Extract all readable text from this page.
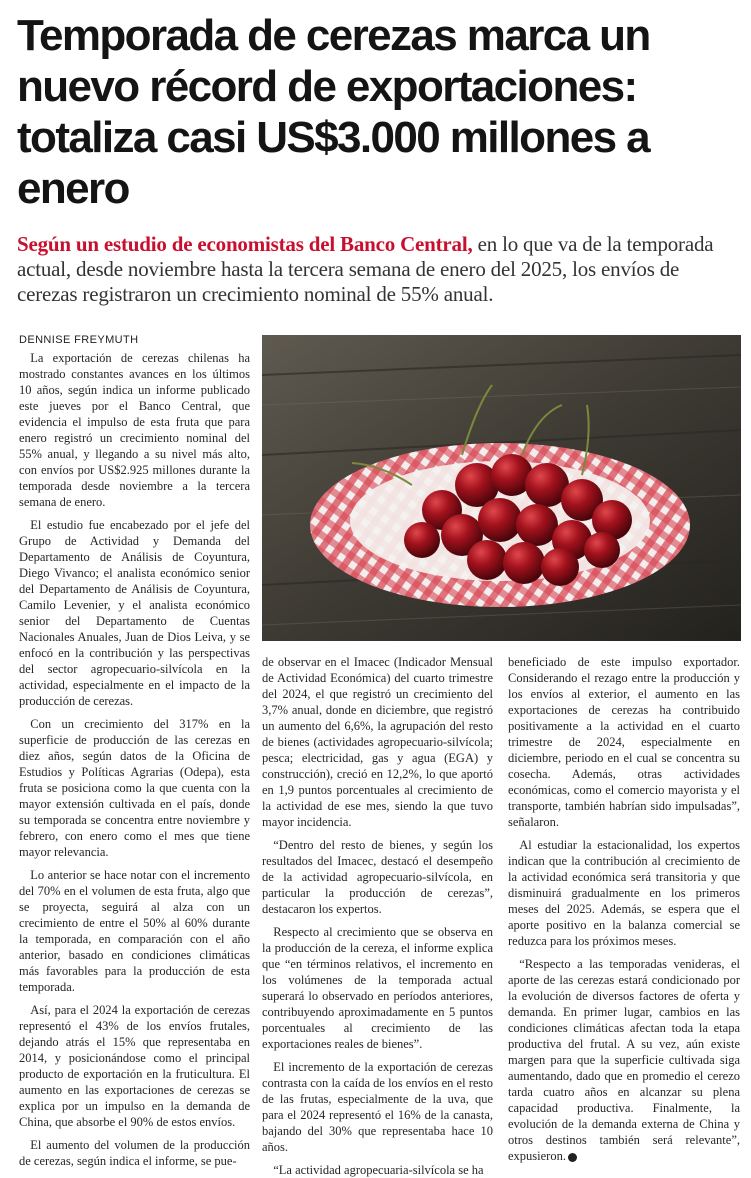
Temporada de cerezas marca un nuevo récord de exportaciones: totaliza casi US$3.000 millones a enero

Según un estudio de economistas del Banco Central, en lo que va de la temporada actual, desde noviembre hasta la tercera semana de enero del 2025, los envíos de cerezas registraron un crecimiento nominal de 55% anual.

DENNISE FREYMUTH

La exportación de cerezas chilenas ha mostrado constantes avances en los últimos 10 años, según indica un informe publicado este jueves por el Banco Central, que evidencia el impulso de esta fruta que para enero registró un crecimiento nominal del 55% anual, y llegando a su nivel más alto, con envíos por US$2.925 millones durante la temporada desde noviembre a la tercera semana de enero.

El estudio fue encabezado por el jefe del Grupo de Actividad y Demanda del Departamento de Análisis de Coyuntura, Diego Vivanco; el analista económico senior del Departamento de Análisis de Coyuntura, Camilo Levenier, y el analista económico senior del Departamento de Cuentas Nacionales Anuales, Juan de Dios Leiva, y se enfocó en la contribución y las perspectivas del sector agropecuario-silvícola en la actividad, especialmente en el impacto de la producción de cerezas.

Con un crecimiento del 317% en la superficie de producción de las cerezas en diez años, según datos de la Oficina de Estudios y Políticas Agrarias (Odepa), esta fruta se posiciona como la que cuenta con la mayor extensión cultivada en el país, donde su temporada se concentra entre noviembre y febrero, con enero como el mes que tiene mayor relevancia.

Lo anterior se hace notar con el incremento del 70% en el volumen de esta fruta, algo que se proyecta, seguirá al alza con un crecimiento de entre el 50% al 60% durante la temporada, en comparación con el año anterior, basado en condiciones climáticas más favorables para la producción de esta temporada.

Así, para el 2024 la exportación de cerezas representó el 43% de los envíos frutales, dejando atrás el 15% que representaba en 2014, y posicionándose como el principal producto de exportación en la fruticultura. El aumento en las exportaciones de cerezas se explica por un impulso en la demanda de China, que absorbe el 90% de estos envíos.

El aumento del volumen de la producción de cerezas, según indica el informe, se pue-

de observar en el Imacec (Indicador Mensual de Actividad Económica) del cuarto trimestre del 2024, el que registró un crecimiento del 3,7% anual, donde en diciembre, que registró un aumento del 6,6%, la agrupación del resto de bienes (actividades agropecuario-silvícola; pesca; electricidad, gas y agua (EGA) y construcción), creció en 12,2%, lo que aportó en 1,9 puntos porcentuales al crecimiento de la actividad de ese mes, siendo la que tuvo mayor incidencia.

“Dentro del resto de bienes, y según los resultados del Imacec, destacó el desempeño de la actividad agropecuario-silvícola, en particular la producción de cerezas”, destacaron los expertos.

Respecto al crecimiento que se observa en la producción de la cereza, el informe explica que “en términos relativos, el incremento en los volúmenes de la temporada actual superará lo observado en períodos anteriores, contribuyendo aproximadamente en 5 puntos porcentuales al crecimiento de las exportaciones reales de bienes”.

El incremento de la exportación de cerezas contrasta con la caída de los envíos en el resto de las frutas, especialmente de la uva, que para el 2024 representó el 16% de la canasta, bajando del 30% que representaba hace 10 años.

“La actividad agropecuaria-silvícola se ha

beneficiado de este impulso exportador. Considerando el rezago entre la producción y los envíos al exterior, el aumento en las exportaciones de cerezas ha contribuido positivamente a la actividad en el cuarto trimestre de 2024, especialmente en diciembre, periodo en el cual se concentra su cosecha. Además, otras actividades económicas, como el comercio mayorista y el transporte, también habrían sido impulsadas”, señalaron.

Al estudiar la estacionalidad, los expertos indican que la contribución al crecimiento de la actividad económica será transitoria y que disminuirá gradualmente en los primeros meses del 2025. Además, se espera que el aporte positivo en la balanza comercial se reduzca para los próximos meses.

“Respecto a las temporadas venideras, el aporte de las cerezas estará condicionado por la evolución de diversos factores de oferta y demanda. En primer lugar, cambios en las condiciones climáticas afectan toda la etapa productiva del frutal. A su vez, aún existe margen para que la superficie cultivada siga aumentando, dado que en promedio el cerezo tarda cuatro años en alcanzar su plena capacidad productiva. Finalmente, la evolución de la demanda externa de China y otros destinos también será relevante”, expusieron. P
